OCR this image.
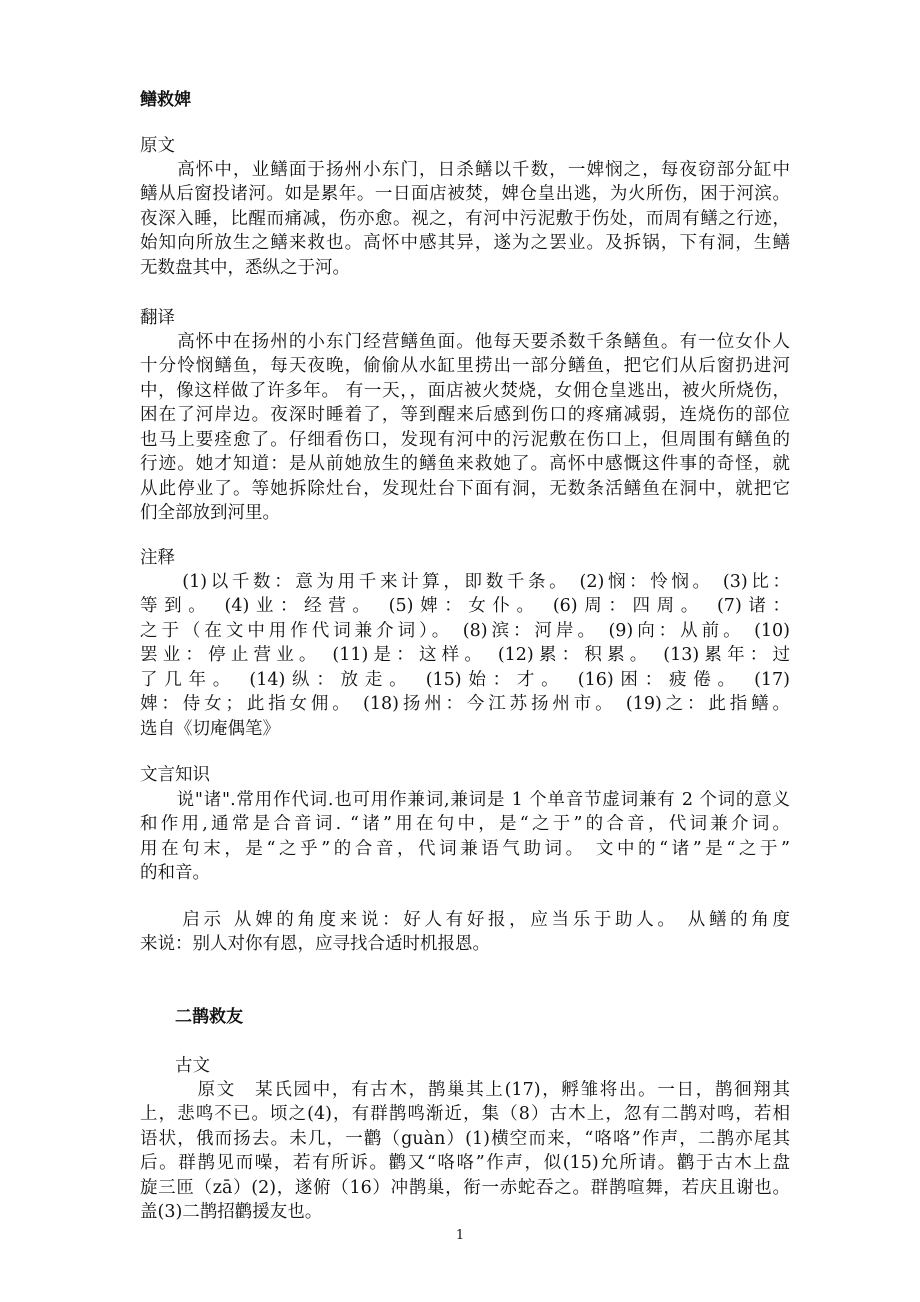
鳝救婢
原文
　　高怀中，业鳝面于扬州小东门，日杀鳝以千数，一婢悯之，每夜窃部分缸中
鳝从后窗投诸河。如是累年。一日面店被焚，婢仓皇出逃，为火所伤，困于河滨。
夜深入睡，比醒而痛减，伤亦愈。视之，有河中污泥敷于伤处，而周有鳝之行迹，
始知向所放生之鳝来救也。高怀中感其异，遂为之罢业。及拆锅，下有洞，生鳝
无数盘其中，悉纵之于河。
翻译
　　高怀中在扬州的小东门经营鳝鱼面。他每天要杀数千条鳝鱼。有一位女仆人
十分怜悯鳝鱼，每天夜晚，偷偷从水缸里捞出一部分鳝鱼，把它们从后窗扔进河
中，像这样做了许多年。 有一天，，面店被火焚烧，女佣仓皇逃出，被火所烧伤，
困在了河岸边。夜深时睡着了，等到醒来后感到伤口的疼痛减弱，连烧伤的部位
也马上要痊愈了。仔细看伤口，发现有河中的污泥敷在伤口上，但周围有鳝鱼的
行迹。她才知道：是从前她放生的鳝鱼来救她了。高怀中感慨这件事的奇怪，就
从此停业了。等她拆除灶台，发现灶台下面有洞，无数条活鳝鱼在洞中，就把它
们全部放到河里。
注释
　　(1)以千数：意为用千来计算，即数千条。 (2)悯：怜悯。 (3)比：
等到。 (4)业：经营。 (5)婢：女仆。 (6)周：四周。 (7)诸：
之于（在文中用作代词兼介词）。 (8)滨：河岸。 (9)向：从前。 (10)
罢业：停止营业。 (11)是：这样。 (12)累：积累。 (13)累年：过
了几年。 (14)纵：放走。 (15)始：才。 (16)困：疲倦。 (17)
婢：侍女；此指女佣。 (18)扬州：今江苏扬州市。 (19)之：此指鳝。
选自《切庵偶笔》
文言知识
　　说"诸".常用作代词.也可用作兼词,兼词是 1 个单音节虚词兼有 2 个词的意义
和作用,通常是合音词. “诸”用在句中，是“之于”的合音，代词兼介词。
用在句末，是“之乎”的合音，代词兼语气助词。 文中的“诸”是“之于”
的和音。
　　启示 从婢的角度来说：好人有好报，应当乐于助人。 从鳝的角度
来说：别人对你有恩，应寻找合适时机报恩。
二鹊救友
古文
　　　原文　某氏园中，有古木，鹊巢其上(17)，孵雏将出。一日，鹊徊翔其
上，悲鸣不已。顷之(4)，有群鹊鸣渐近，集（8）古木上，忽有二鹊对鸣，若相
语状，俄而扬去。未几，一鹳（guàn）(1)横空而来，“咯咯”作声，二鹊亦尾其
后。群鹊见而噪，若有所诉。鹳又“咯咯”作声，似(15)允所请。鹳于古木上盘
旋三匝（zā）(2)，遂俯（16）冲鹊巢，衔一赤蛇吞之。群鹊喧舞，若庆且谢也。
盖(3)二鹊招鹳援友也。
1
